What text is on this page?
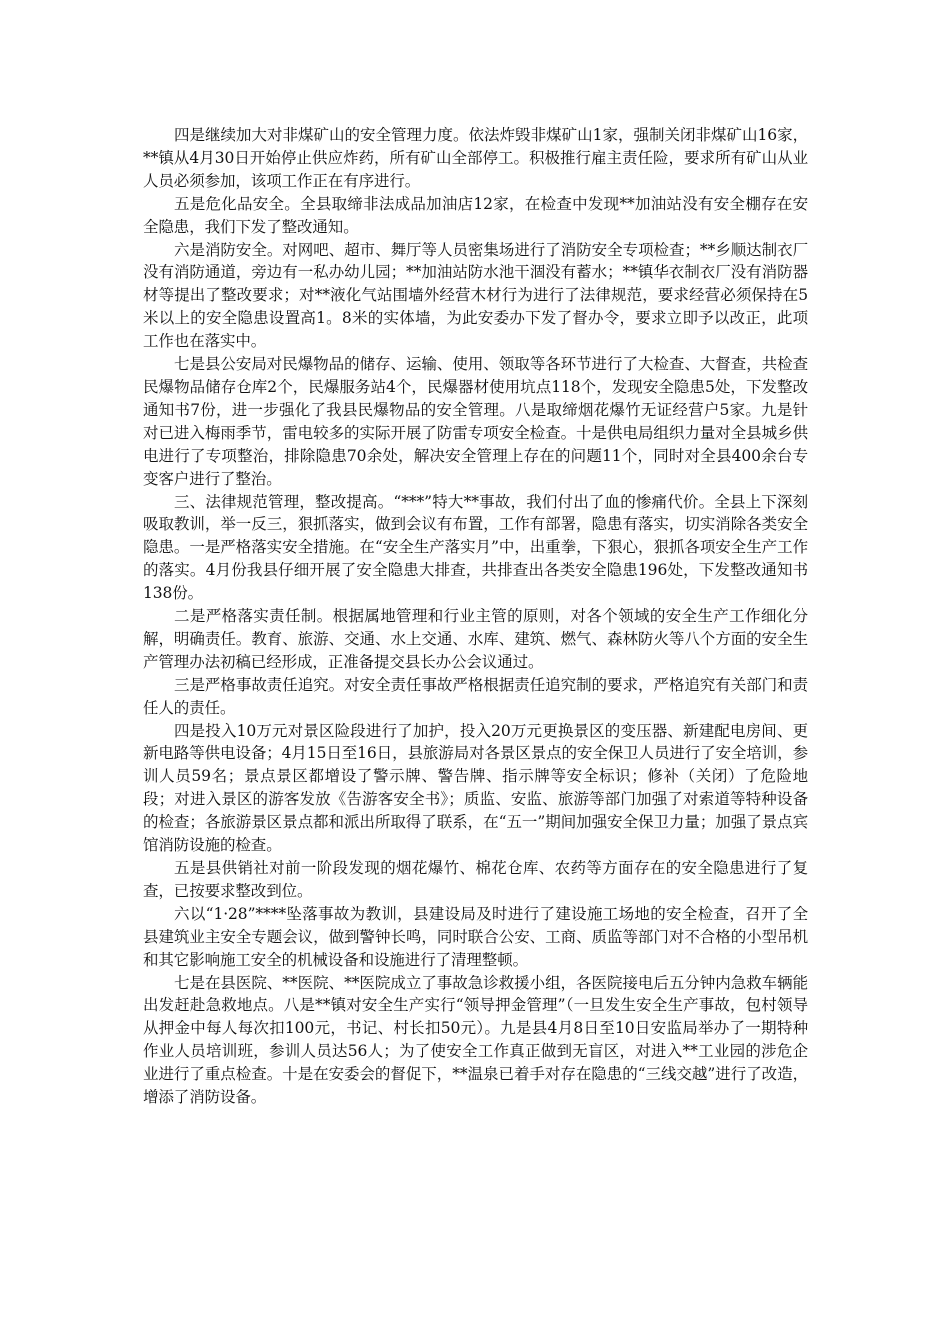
四是继续加大对非煤矿山的安全管理力度。依法炸毁非煤矿山1家，强制关闭非煤矿山16家，**镇从4月30日开始停止供应炸药，所有矿山全部停工。积极推行雇主责任险，要求所有矿山从业人员必须参加，该项工作正在有序进行。

五是危化品安全。全县取缔非法成品加油店12家，在检查中发现**加油站没有安全棚存在安全隐患，我们下发了整改通知。

六是消防安全。对网吧、超市、舞厅等人员密集场进行了消防安全专项检查；**乡顺达制衣厂没有消防通道，旁边有一私办幼儿园；**加油站防水池干涸没有蓄水；**镇华衣制衣厂没有消防器材等提出了整改要求；对**液化气站围墙外经营木材行为进行了法律规范，要求经营必须保持在5米以上的安全隐患设置高1。8米的实体墙，为此安委办下发了督办令，要求立即予以改正，此项工作也在落实中。

七是县公安局对民爆物品的储存、运输、使用、领取等各环节进行了大检查、大督查，共检查民爆物品储存仓库2个，民爆服务站4个，民爆器材使用坑点118个，发现安全隐患5处，下发整改通知书7份，进一步强化了我县民爆物品的安全管理。八是取缔烟花爆竹无证经营户5家。九是针对已进入梅雨季节，雷电较多的实际开展了防雷专项安全检查。十是供电局组织力量对全县城乡供电进行了专项整治，排除隐患70余处，解决安全管理上存在的问题11个，同时对全县400余台专变客户进行了整治。

三、法律规范管理，整改提高。“***”特大**事故，我们付出了血的惨痛代价。全县上下深刻吸取教训，举一反三，狠抓落实，做到会议有布置，工作有部署，隐患有落实，切实消除各类安全隐患。一是严格落实安全措施。在“安全生产落实月”中，出重拳，下狠心，狠抓各项安全生产工作的落实。4月份我县仔细开展了安全隐患大排查，共排查出各类安全隐患196处，下发整改通知书138份。

二是严格落实责任制。根据属地管理和行业主管的原则，对各个领域的安全生产工作细化分解，明确责任。教育、旅游、交通、水上交通、水库、建筑、燃气、森林防火等八个方面的安全生产管理办法初稿已经形成，正准备提交县长办公会议通过。

三是严格事故责任追究。对安全责任事故严格根据责任追究制的要求，严格追究有关部门和责任人的责任。

四是投入10万元对景区险段进行了加护，投入20万元更换景区的变压器、新建配电房间、更新电路等供电设备；4月15日至16日，县旅游局对各景区景点的安全保卫人员进行了安全培训，参训人员59名；景点景区都增设了警示牌、警告牌、指示牌等安全标识；修补（关闭）了危险地段；对进入景区的游客发放《告游客安全书》；质监、安监、旅游等部门加强了对索道等特种设备的检查；各旅游景区景点都和派出所取得了联系，在“五一”期间加强安全保卫力量；加强了景点宾馆消防设施的检查。

五是县供销社对前一阶段发现的烟花爆竹、棉花仓库、农药等方面存在的安全隐患进行了复查，已按要求整改到位。

六以“1·28”****坠落事故为教训，县建设局及时进行了建设施工场地的安全检查，召开了全县建筑业主安全专题会议，做到警钟长鸣，同时联合公安、工商、质监等部门对不合格的小型吊机和其它影响施工安全的机械设备和设施进行了清理整顿。

七是在县医院、**医院、**医院成立了事故急诊救援小组，各医院接电后五分钟内急救车辆能出发赶赴急救地点。八是**镇对安全生产实行“领导押金管理”（一旦发生安全生产事故，包村领导从押金中每人每次扣100元，书记、村长扣50元）。九是县4月8日至10日安监局举办了一期特种作业人员培训班，参训人员达56人；为了使安全工作真正做到无盲区，对进入**工业园的涉危企业进行了重点检查。十是在安委会的督促下，**温泉已着手对存在隐患的“三线交越”进行了改造，增添了消防设备。
